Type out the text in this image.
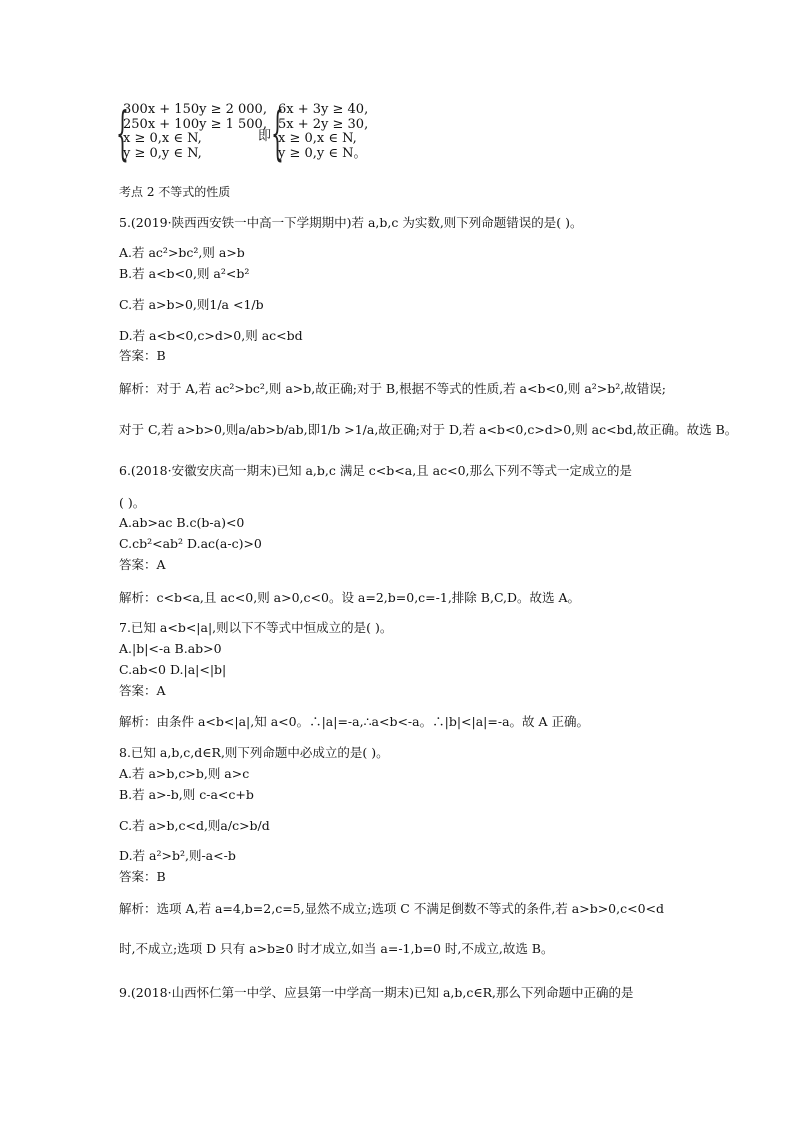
{
300x + 150y ≥ 2 000,
250x + 100y ≥ 1 500,
x ≥ 0,x ∈ N,
y ≥ 0,y ∈ N,
即 {
6x + 3y ≥ 40,
5x + 2y ≥ 30,
x ≥ 0,x ∈ N,
y ≥ 0,y ∈ N。
考点 2 不等式的性质
5.(2019·陕西西安铁一中高一下学期期中)若 a,b,c 为实数,则下列命题错误的是( )。
A.若 ac²>bc²,则 a>b
B.若 a<b<0,则 a²<b²
C.若 a>b>0,则1/a <1/b
D.若 a<b<0,c>d>0,则 ac<bd
答案：B
解析：对于 A,若 ac²>bc²,则 a>b,故正确;对于 B,根据不等式的性质,若 a<b<0,则 a²>b²,故错误;
对于 C,若 a>b>0,则a/ab>b/ab,即1/b >1/a,故正确;对于 D,若 a<b<0,c>d>0,则 ac<bd,故正确。故选 B。
6.(2018·安徽安庆高一期末)已知 a,b,c 满足 c<b<a,且 ac<0,那么下列不等式一定成立的是
( )。
A.ab>ac B.c(b-a)<0
C.cb²<ab² D.ac(a-c)>0
答案：A
解析：c<b<a,且 ac<0,则 a>0,c<0。设 a=2,b=0,c=-1,排除 B,C,D。故选 A。
7.已知 a<b<|a|,则以下不等式中恒成立的是( )。
A.|b|<-a B.ab>0
C.ab<0 D.|a|<|b|
答案：A
解析：由条件 a<b<|a|,知 a<0。∴|a|=-a,∴a<b<-a。∴|b|<|a|=-a。故 A 正确。
8.已知 a,b,c,d∈R,则下列命题中必成立的是( )。
A.若 a>b,c>b,则 a>c
B.若 a>-b,则 c-a<c+b
C.若 a>b,c<d,则a/c>b/d
D.若 a²>b²,则-a<-b
答案：B
解析：选项 A,若 a=4,b=2,c=5,显然不成立;选项 C 不满足倒数不等式的条件,若 a>b>0,c<0<d
时,不成立;选项 D 只有 a>b≥0 时才成立,如当 a=-1,b=0 时,不成立,故选 B。
9.(2018·山西怀仁第一中学、应县第一中学高一期末)已知 a,b,c∈R,那么下列命题中正确的是
